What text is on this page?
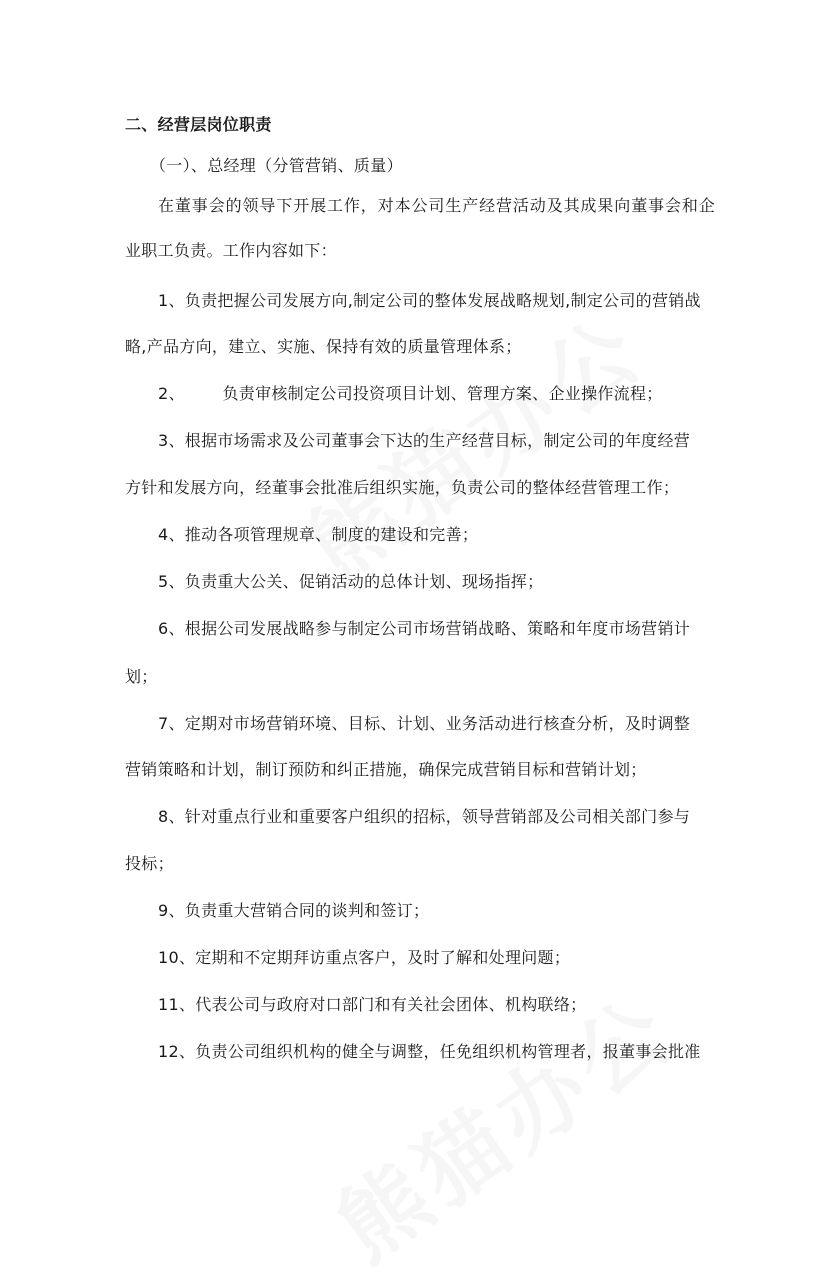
二、经营层岗位职责
（一）、总经理（分管营销、质量）
在董事会的领导下开展工作，对本公司生产经营活动及其成果向董事会和企
业职工负责。工作内容如下：
1、负责把握公司发展方向,制定公司的整体发展战略规划,制定公司的营销战
略,产品方向，建立、实施、保持有效的质量管理体系；
2、       负责审核制定公司投资项目计划、管理方案、企业操作流程；
3、根据市场需求及公司董事会下达的生产经营目标，制定公司的年度经营
方针和发展方向，经董事会批准后组织实施，负责公司的整体经营管理工作；
4、推动各项管理规章、制度的建设和完善；
5、负责重大公关、促销活动的总体计划、现场指挥；
6、根据公司发展战略参与制定公司市场营销战略、策略和年度市场营销计
划；
7、定期对市场营销环境、目标、计划、业务活动进行核查分析，及时调整
营销策略和计划，制订预防和纠正措施，确保完成营销目标和营销计划；
8、针对重点行业和重要客户组织的招标，领导营销部及公司相关部门参与
投标；
9、负责重大营销合同的谈判和签订；
10、定期和不定期拜访重点客户，及时了解和处理问题；
11、代表公司与政府对口部门和有关社会团体、机构联络；
12、负责公司组织机构的健全与调整，任免组织机构管理者，报董事会批准
